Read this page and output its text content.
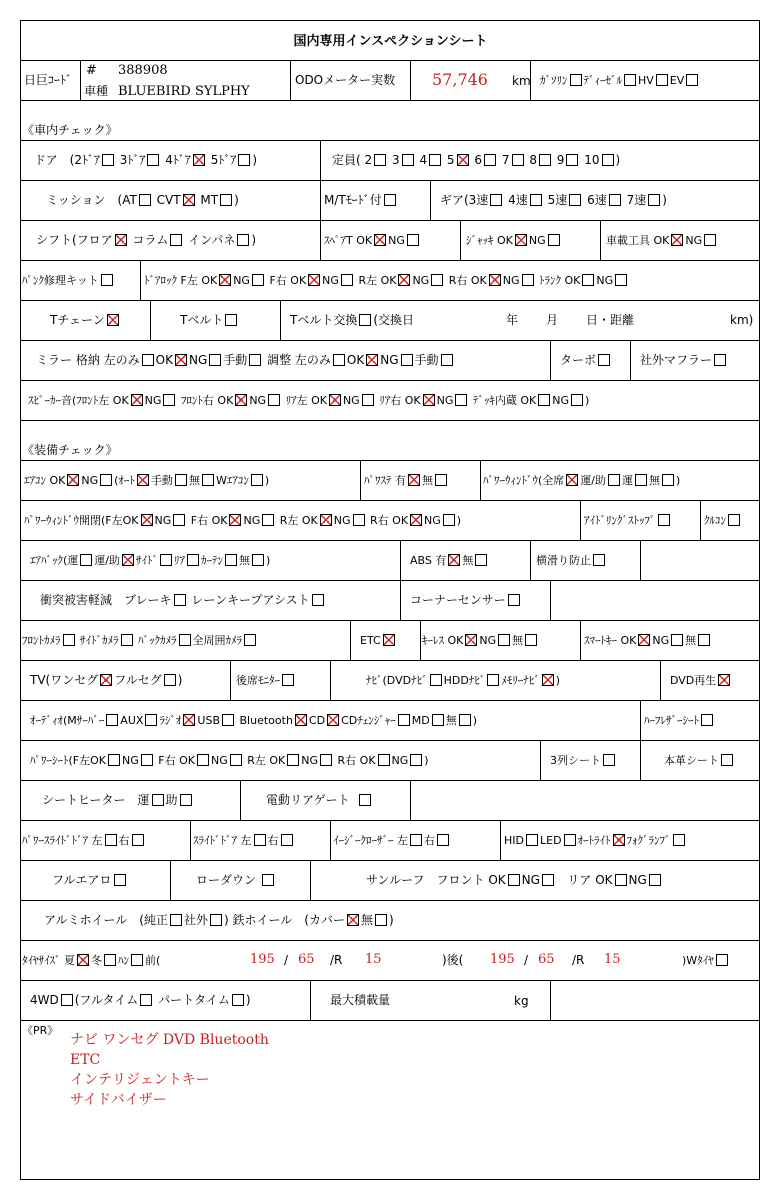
国内専用インスペクションシート
日巨ｺｰﾄﾞ
# 388908
車種 BLUEBIRD SYLPHY
ODOメーター実数 57,746 km ｶﾞｿﾘﾝ ﾃﾞｨｰｾﾞﾙ HV EV
《車内チェック》
ドア　(2ﾄﾞｱ 3ﾄﾞｱ 4ﾄﾞｱ 5ﾄﾞｱ )	定員( 2 3 4 5 6 7 8 9 10 )
ミッション　(AT CVT MT )	M/Tﾓｰﾄﾞ付	ギア(3速 4速 5速 6速 7速 )
シフト(フロア コラム インパネ )	ｽﾍﾟｱT OK NG	ｼﾞｬｯｷ OK NG	車載工具 OK NG
ﾊﾟﾝｸ修理キット	ﾄﾞｱﾛｯｸ F左 OK NG F右 OK NG R左 OK NG R右 OK NG ﾄﾗﾝｸ OK NG
Tチェーン	Tベルト	Tベルト交換 (交換日	年 月 日・距離	km)
ミラー 格納 左のみ OK NG 手動 調整 左のみ OK NG 手動	ターボ	社外マフラー
ｽﾋﾟｰｶｰ音(ﾌﾛﾝﾄ左 OK NG ﾌﾛﾝﾄ右 OK NG ﾘｱ左 OK NG ﾘｱ右 OK NG ﾃﾞｯｷ内蔵 OK NG )
《装備チェック》
ｴｱｺﾝ OK NG (ｵｰﾄ 手動 無 Wｴｱｺﾝ )	ﾊﾟﾜｽﾃ 有 無	ﾊﾟﾜｰｳｨﾝﾄﾞｳ(全席 運/助 運 無 )
ﾊﾟﾜｰｳｨﾝﾄﾞｳ開閉(F左OK NG F右 OK NG R左 OK NG R右 OK NG )	ｱｲﾄﾞﾘﾝｸﾞｽﾄｯﾌﾟ	ｸﾙｺﾝ
ｴｱﾊﾞｯｸ(運 運/助 ｻｲﾄﾞ ﾘｱ ｶｰﾃﾝ 無 )	ABS 有 無	横滑り防止
衝突被害軽減　ブレーキ レーンキープアシスト	コーナーセンサー
ﾌﾛﾝﾄｶﾒﾗ ｻｲﾄﾞｶﾒﾗ ﾊﾞｯｸｶﾒﾗ 全周囲ｶﾒﾗ	ETC	ｷｰﾚｽ OK NG 無	ｽﾏｰﾄｷｰ OK NG 無
TV(ワンセグ フルセグ )	後席ﾓﾆﾀｰ	ﾅﾋﾞ(DVDﾅﾋﾞ HDDﾅﾋﾞ ﾒﾓﾘｰﾅﾋﾞ )	DVD再生
ｵｰﾃﾞｨｵ(Mｻｰﾊﾞｰ AUX ﾗｼﾞｵ USB Bluetooth CD CDﾁｪﾝｼﾞｬｰ MD 無 )	ﾊｰﾌﾚｻﾞｰｼｰﾄ
ﾊﾟﾜｰｼｰﾄ(F左OK NG F右 OK NG R左 OK NG R右 OK NG )	3列シート	本革シート
シートヒーター　運 助	電動リアゲート
ﾊﾟﾜｰｽﾗｲﾄﾞﾄﾞｱ 左 右	ｽﾗｲﾄﾞﾄﾞｱ 左 右	ｲｰｼﾞｰｸﾛｰｻﾞｰ 左 右	HID LED ｵｰﾄﾗｲﾄ ﾌｫｸﾞﾗﾝﾌﾟ
フルエアロ	ローダウン	サンルーフ　フロント OK NG リア OK NG
アルミホイール　(純正 社外 ) 鉄ホイール　(カバー 無 )
ﾀｲﾔｻｲｽﾞ 夏 冬 ﾊﾝ 前(	195 / 65 /R 15	)後( 195 / 65 /R 15	)Wﾀｲﾔ
4WD (フルタイム パートタイム )	最大積載量	kg
《PR》
ナビ ワンセグ DVD Bluetooth
ETC
インテリジェントキー
サイドバイザー
